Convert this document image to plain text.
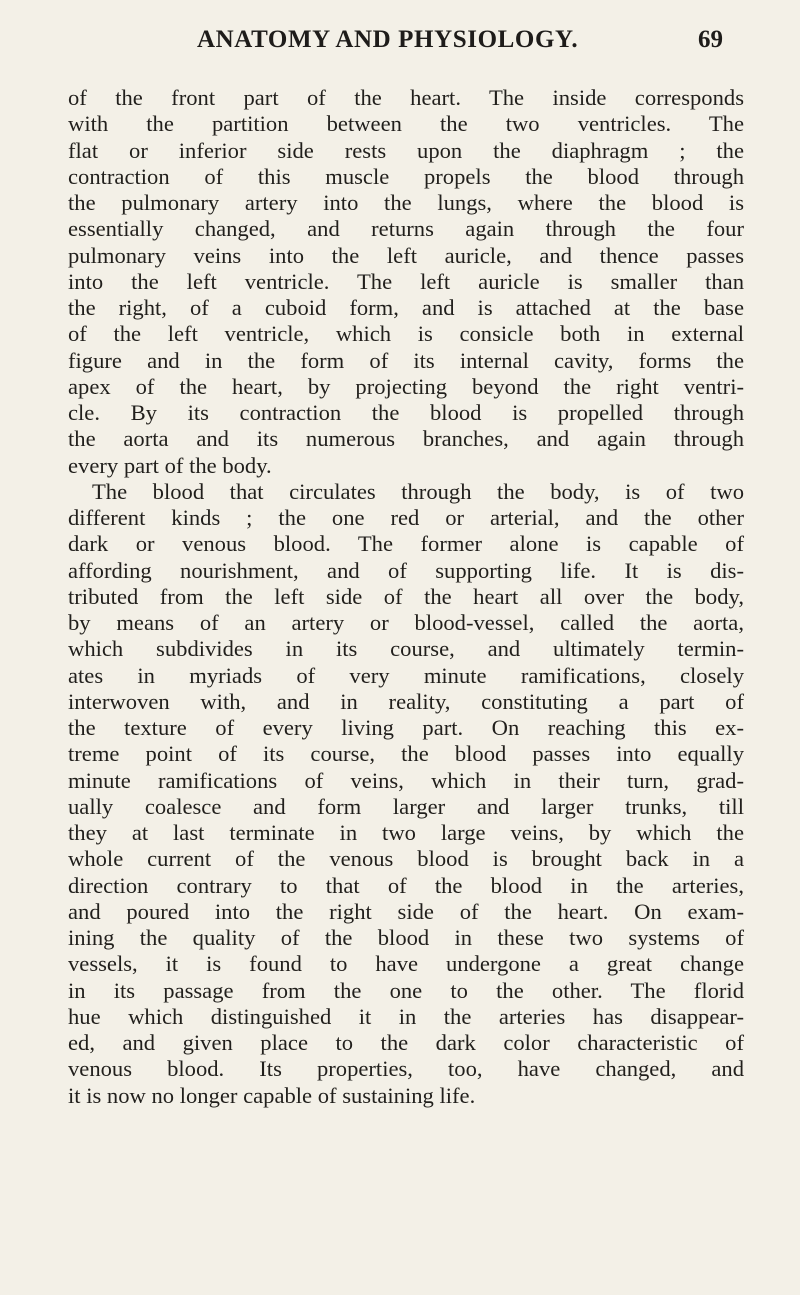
ANATOMY AND PHYSIOLOGY.	69
of the front part of the heart. The inside corresponds
with the partition between the two ventricles. The
flat or inferior side rests upon the diaphragm ; the
contraction of this muscle propels the blood through
the pulmonary artery into the lungs, where the blood is
essentially changed, and returns again through the four
pulmonary veins into the left auricle, and thence passes
into the left ventricle. The left auricle is smaller than
the right, of a cuboid form, and is attached at the base
of the left ventricle, which is consicle both in external
figure and in the form of its internal cavity, forms the
apex of the heart, by projecting beyond the right ventri-
cle. By its contraction the blood is propelled through
the aorta and its numerous branches, and again through
every part of the body.
The blood that circulates through the body, is of two
different kinds ; the one red or arterial, and the other
dark or venous blood. The former alone is capable of
affording nourishment, and of supporting life. It is dis-
tributed from the left side of the heart all over the body,
by means of an artery or blood-vessel, called the aorta,
which subdivides in its course, and ultimately termin-
ates in myriads of very minute ramifications, closely
interwoven with, and in reality, constituting a part of
the texture of every living part. On reaching this ex-
treme point of its course, the blood passes into equally
minute ramifications of veins, which in their turn, grad-
ually coalesce and form larger and larger trunks, till
they at last terminate in two large veins, by which the
whole current of the venous blood is brought back in a
direction contrary to that of the blood in the arteries,
and poured into the right side of the heart. On exam-
ining the quality of the blood in these two systems of
vessels, it is found to have undergone a great change
in its passage from the one to the other. The florid
hue which distinguished it in the arteries has disappear-
ed, and given place to the dark color characteristic of
venous blood. Its properties, too, have changed, and
it is now no longer capable of sustaining life.
